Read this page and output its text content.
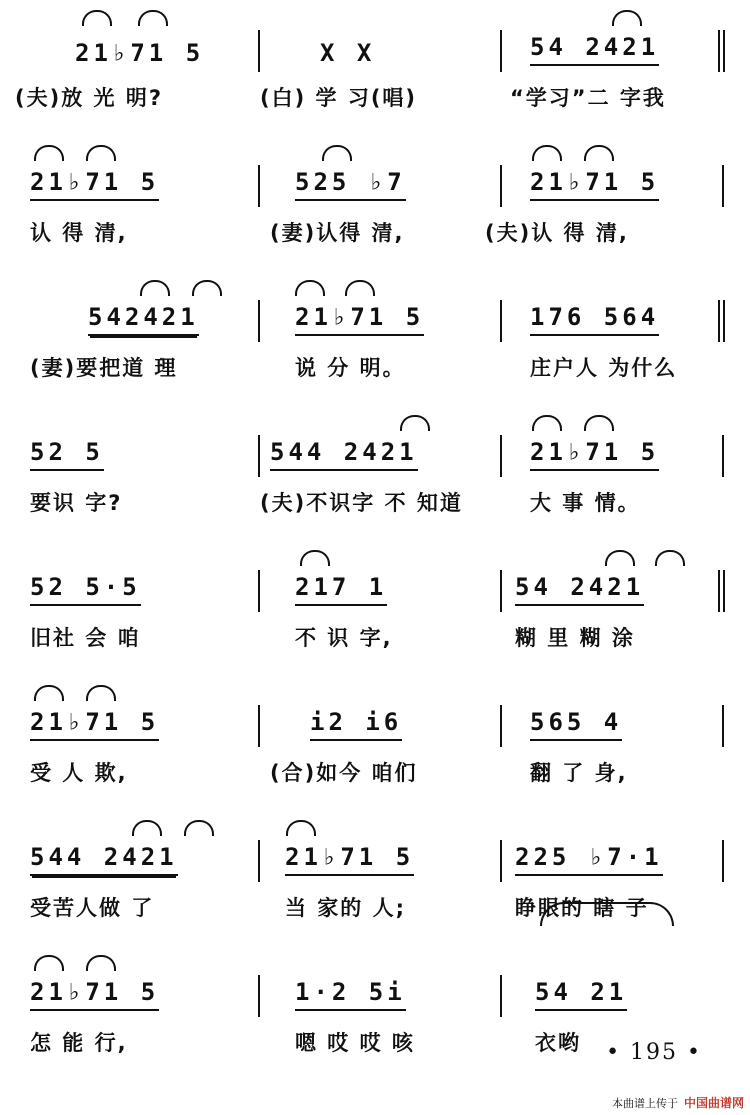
21♭71 5
(夫)放 光 明?
X X
(白) 学 习(唱)
54 2421
“学习”二 字我
21♭71 5
认 得 清,
525 ♭7
(妻)认得 清,
21♭71 5
(夫)认 得 清,
542421
(妻)要把道 理
21♭71 5
说 分 明。
176 564
庄户人 为什么
52 5
要识 字?
544 2421
(夫)不识字 不 知道
21♭71 5
大 事 情。
52 5·5
旧社 会 咱
217 1
不 识 字,
54 2421
糊 里 糊 涂
21♭71 5
受 人 欺,
i2 i6
(合)如今 咱们
565 4
翻 了 身,
544 2421
受苦人做 了
21♭71 5
当 家的 人;
225 ♭7·1
睁眼的 瞎 子
21♭71 5
怎 能 行,
1·2 5i
嗯 哎 哎 咳
54 21
衣哟	• 195 •
本曲谱上传于 中国曲谱网
